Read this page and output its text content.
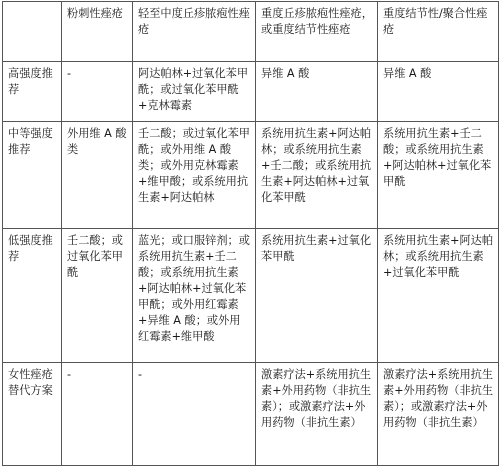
	粉刺性痤疮	轻至中度丘疹脓疱性痤疮	重度丘疹脓疱性痤疮，或重度结节性痤疮	重度结节性/聚合性痤疮
高强度推荐	-	阿达帕林+过氧化苯甲酰；或过氧化苯甲酰+克林霉素	异维 A 酸	异维 A 酸
中等强度推荐	外用维 A 酸类	壬二酸；或过氧化苯甲酰；或外用维 A 酸类；或外用克林霉素+维甲酸；或系统用抗生素+阿达帕林	系统用抗生素+阿达帕林；或系统用抗生素+壬二酸；或系统用抗生素+阿达帕林+过氧化苯甲酰	系统用抗生素+壬二酸；或系统用抗生素+阿达帕林+过氧化苯甲酰
低强度推荐	壬二酸；或过氧化苯甲酰	蓝光；或口服锌剂；或系统用抗生素+壬二酸；或系统用抗生素+阿达帕林+过氧化苯甲酰；或外用红霉素+异维 A 酸；或外用红霉素+维甲酸	系统用抗生素+过氧化苯甲酰	系统用抗生素+阿达帕林；或系统用抗生素+过氧化苯甲酰
女性痤疮替代方案	-	-	激素疗法+系统用抗生素+外用药物（非抗生素）；或激素疗法+外用药物（非抗生素）	激素疗法+系统用抗生素+外用药物（非抗生素）；或激素疗法+外用药物（非抗生素）
